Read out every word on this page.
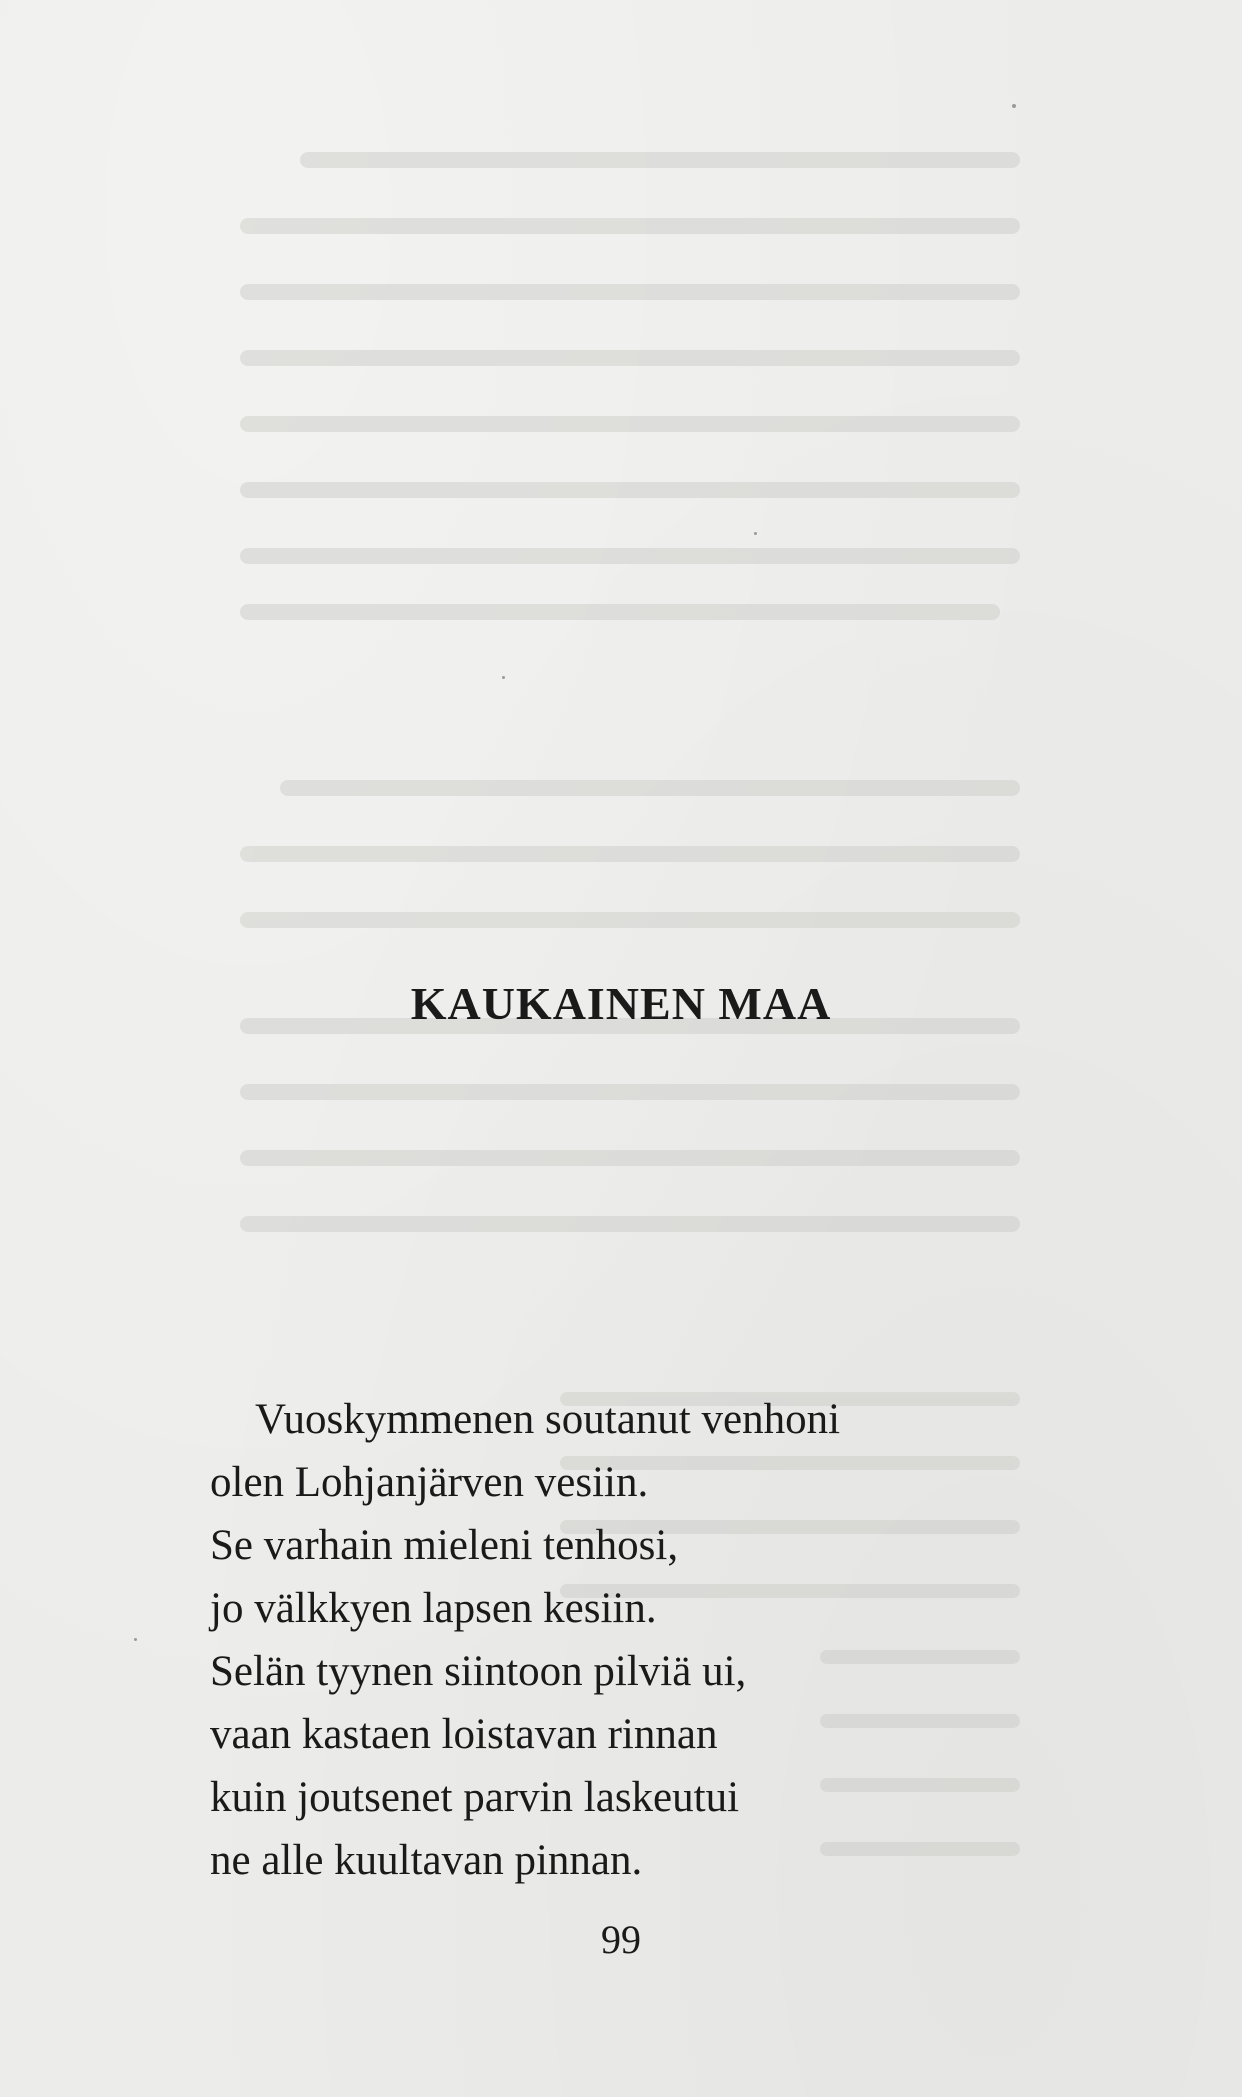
KAUKAINEN MAA
Vuoskymmenen soutanut venhoni
olen Lohjanjärven vesiin.
Se varhain mieleni tenhosi,
jo välkkyen lapsen kesiin.
Selän tyynen siintoon pilviä ui,
vaan kastaen loistavan rinnan
kuin joutsenet parvin laskeutui
ne alle kuultavan pinnan.
99
